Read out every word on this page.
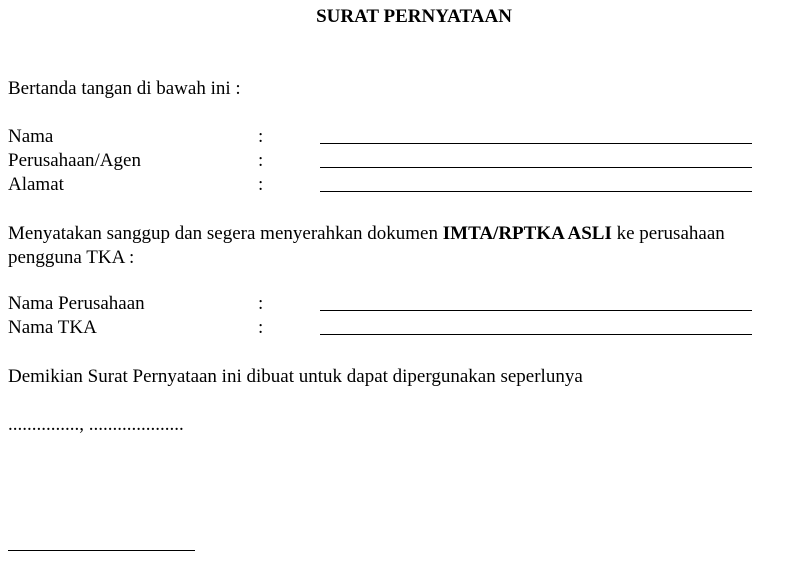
SURAT PERNYATAAN
Bertanda tangan di bawah ini :
Nama	:
Perusahaan/Agen	:
Alamat	:
Menyatakan sanggup dan segera menyerahkan dokumen IMTA/RPTKA ASLI ke perusahaan pengguna TKA :
Nama Perusahaan	:
Nama TKA	:
Demikian Surat Pernyataan ini dibuat untuk dapat dipergunakan seperlunya
..............., ....................
